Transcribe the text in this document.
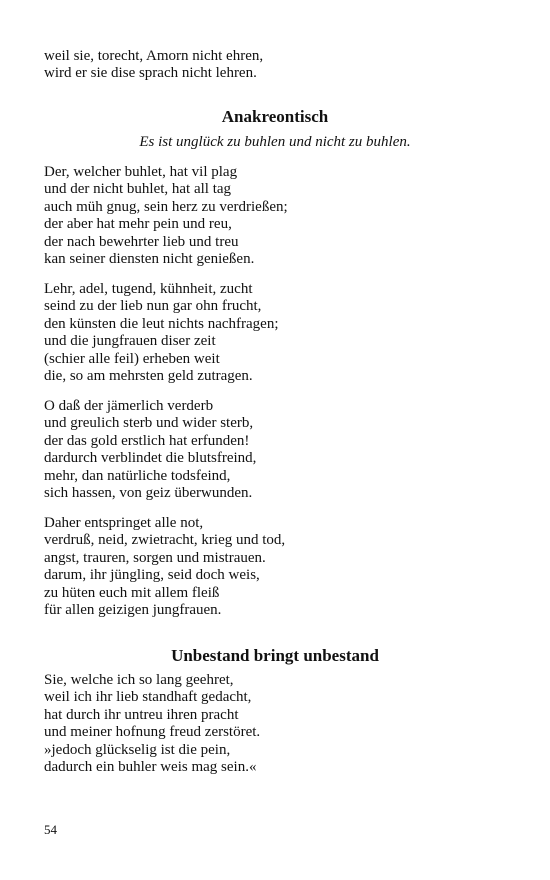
weil sie, torecht, Amorn nicht ehren,
wird er sie dise sprach nicht lehren.
Anakreontisch
Es ist unglück zu buhlen und nicht zu buhlen.
Der, welcher buhlet, hat vil plag
und der nicht buhlet, hat all tag
auch müh gnug, sein herz zu verdrießen;
der aber hat mehr pein und reu,
der nach bewehrter lieb und treu
kan seiner diensten nicht genießen.
Lehr, adel, tugend, kühnheit, zucht
seind zu der lieb nun gar ohn frucht,
den künsten die leut nichts nachfragen;
und die jungfrauen diser zeit
(schier alle feil) erheben weit
die, so am mehrsten geld zutragen.
O daß der jämerlich verderb
und greulich sterb und wider sterb,
der das gold erstlich hat erfunden!
dardurch verblindet die blutsfreind,
mehr, dan natürliche todsfeind,
sich hassen, von geiz überwunden.
Daher entspringet alle not,
verdruß, neid, zwietracht, krieg und tod,
angst, trauren, sorgen und mistrauen.
darum, ihr jüngling, seid doch weis,
zu hüten euch mit allem fleiß
für allen geizigen jungfrauen.
Unbestand bringt unbestand
Sie, welche ich so lang geehret,
weil ich ihr lieb standhaft gedacht,
hat durch ihr untreu ihren pracht
und meiner hofnung freud zerstöret.
»jedoch glückselig ist die pein,
dadurch ein buhler weis mag sein.«
54
